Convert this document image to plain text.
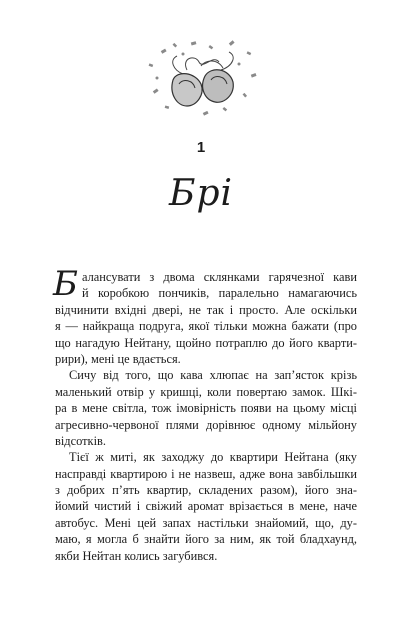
1
Брі
Б алансувати з двома склянками гарячезної кави
й коробкою пончиків, паралельно намагаючись
відчинити вхідні двері, не так і просто. Але оскільки
я — найкраща подруга, якої тільки можна бажати (про
що нагадую Нейтану, щойно потраплю до його кварти-
рири), мені це вдається.
Сичу від того, що кава хлюпає на зап’ясток крізь
маленький отвір у кришці, коли повертаю замок. Шкі-
ра в мене світла, тож імовірність появи на цьому місці
агресивно-червоної плями дорівнює одному мільйону
відсотків.
Тієї ж миті, як заходжу до квартири Нейтана (яку
насправді квартирою і не назвеш, адже вона завбільшки
з добрих п’ять квартир, складених разом), його зна-
йомий чистий і свіжий аромат врізається в мене, наче
автобус. Мені цей запах настільки знайомий, що, ду-
маю, я могла б знайти його за ним, як той бладхаунд,
якби Нейтан колись загубився.
